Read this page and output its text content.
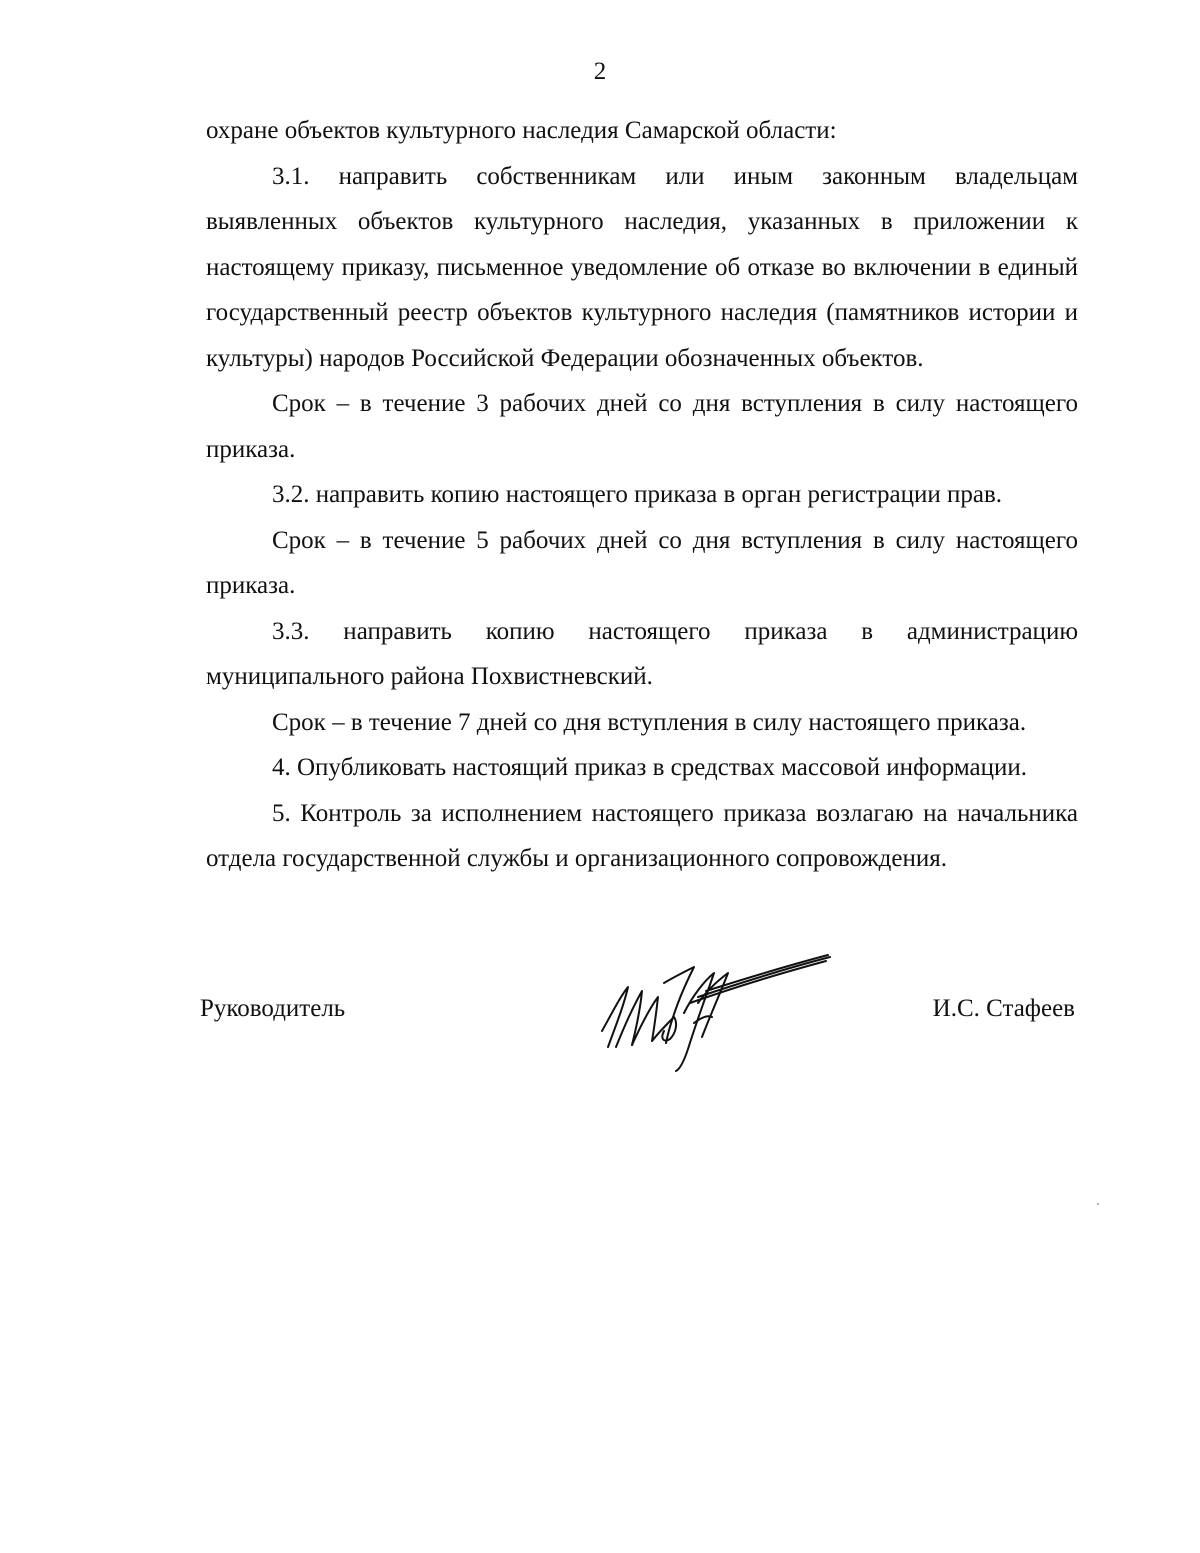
2

охране объектов культурного наследия Самарской области:

3.1. направить собственникам или иным законным владельцам выявленных объектов культурного наследия, указанных в приложении к настоящему приказу, письменное уведомление об отказе во включении в единый государственный реестр объектов культурного наследия (памятников истории и культуры) народов Российской Федерации обозначенных объектов.

Срок – в течение 3 рабочих дней со дня вступления в силу настоящего приказа.

3.2. направить копию настоящего приказа в орган регистрации прав.

Срок – в течение 5 рабочих дней со дня вступления в силу настоящего приказа.

3.3. направить копию настоящего приказа в администрацию муниципального района Похвистневский.

Срок – в течение 7 дней со дня вступления в силу настоящего приказа.

4. Опубликовать настоящий приказ в средствах массовой информации.

5. Контроль за исполнением настоящего приказа возлагаю на начальника отдела государственной службы и организационного сопровождения.

Руководитель	И.С. Стафеев
